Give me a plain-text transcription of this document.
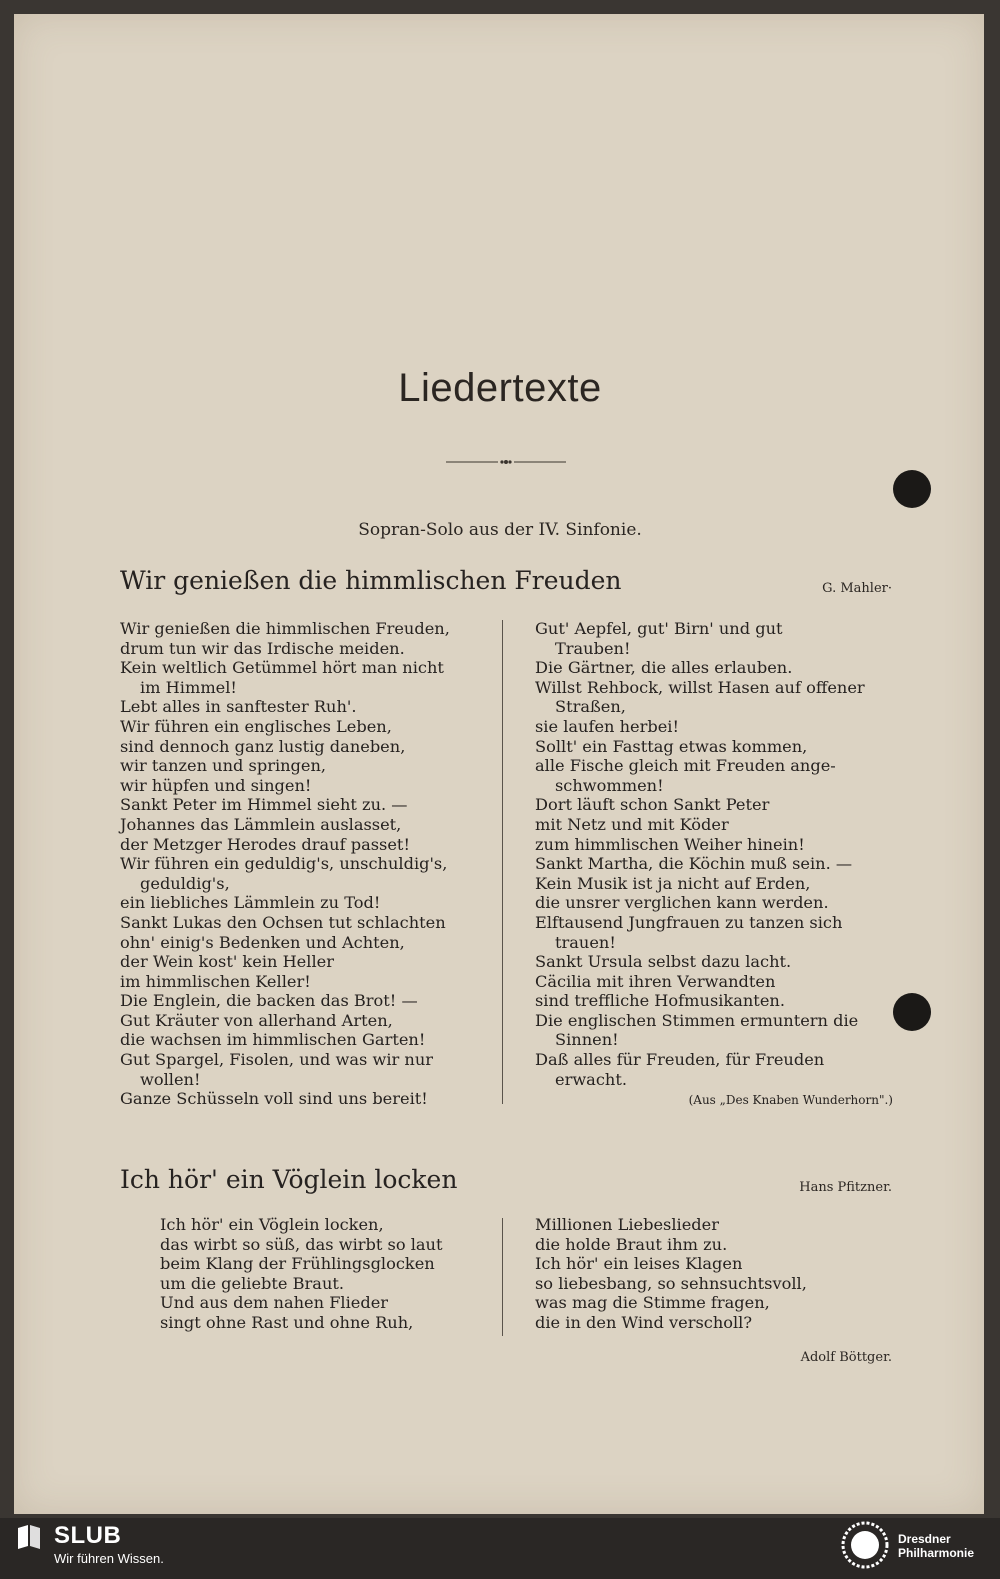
Liedertexte
Sopran-Solo aus der IV. Sinfonie.
Wir genießen die himmlischen Freuden	G. Mahler·
Wir genießen die himmlischen Freuden,
drum tun wir das Irdische meiden.
Kein weltlich Getümmel hört man nicht
im Himmel!
Lebt alles in sanftester Ruh'.
Wir führen ein englisches Leben,
sind dennoch ganz lustig daneben,
wir tanzen und springen,
wir hüpfen und singen!
Sankt Peter im Himmel sieht zu. —
Johannes das Lämmlein auslasset,
der Metzger Herodes drauf passet!
Wir führen ein geduldig's, unschuldig's,
geduldig's,
ein liebliches Lämmlein zu Tod!
Sankt Lukas den Ochsen tut schlachten
ohn' einig's Bedenken und Achten,
der Wein kost' kein Heller
im himmlischen Keller!
Die Englein, die backen das Brot! —
Gut Kräuter von allerhand Arten,
die wachsen im himmlischen Garten!
Gut Spargel, Fisolen, und was wir nur
wollen!
Ganze Schüsseln voll sind uns bereit!
Gut' Aepfel, gut' Birn' und gut
Trauben!
Die Gärtner, die alles erlauben.
Willst Rehbock, willst Hasen auf offener
Straßen,
sie laufen herbei!
Sollt' ein Fasttag etwas kommen,
alle Fische gleich mit Freuden ange-
schwommen!
Dort läuft schon Sankt Peter
mit Netz und mit Köder
zum himmlischen Weiher hinein!
Sankt Martha, die Köchin muß sein. —
Kein Musik ist ja nicht auf Erden,
die unsrer verglichen kann werden.
Elftausend Jungfrauen zu tanzen sich
trauen!
Sankt Ursula selbst dazu lacht.
Cäcilia mit ihren Verwandten
sind treffliche Hofmusikanten.
Die englischen Stimmen ermuntern die
Sinnen!
Daß alles für Freuden, für Freuden
erwacht.
(Aus „Des Knaben Wunderhorn".)
Ich hör' ein Vöglein locken	Hans Pfitzner.
Ich hör' ein Vöglein locken,
das wirbt so süß, das wirbt so laut
beim Klang der Frühlingsglocken
um die geliebte Braut.
Und aus dem nahen Flieder
singt ohne Rast und ohne Ruh,
Millionen Liebeslieder
die holde Braut ihm zu.
Ich hör' ein leises Klagen
so liebesbang, so sehnsuchtsvoll,
was mag die Stimme fragen,
die in den Wind verscholl?
Adolf Böttger.
SLUB
Wir führen Wissen.
Dresdner
Philharmonie
